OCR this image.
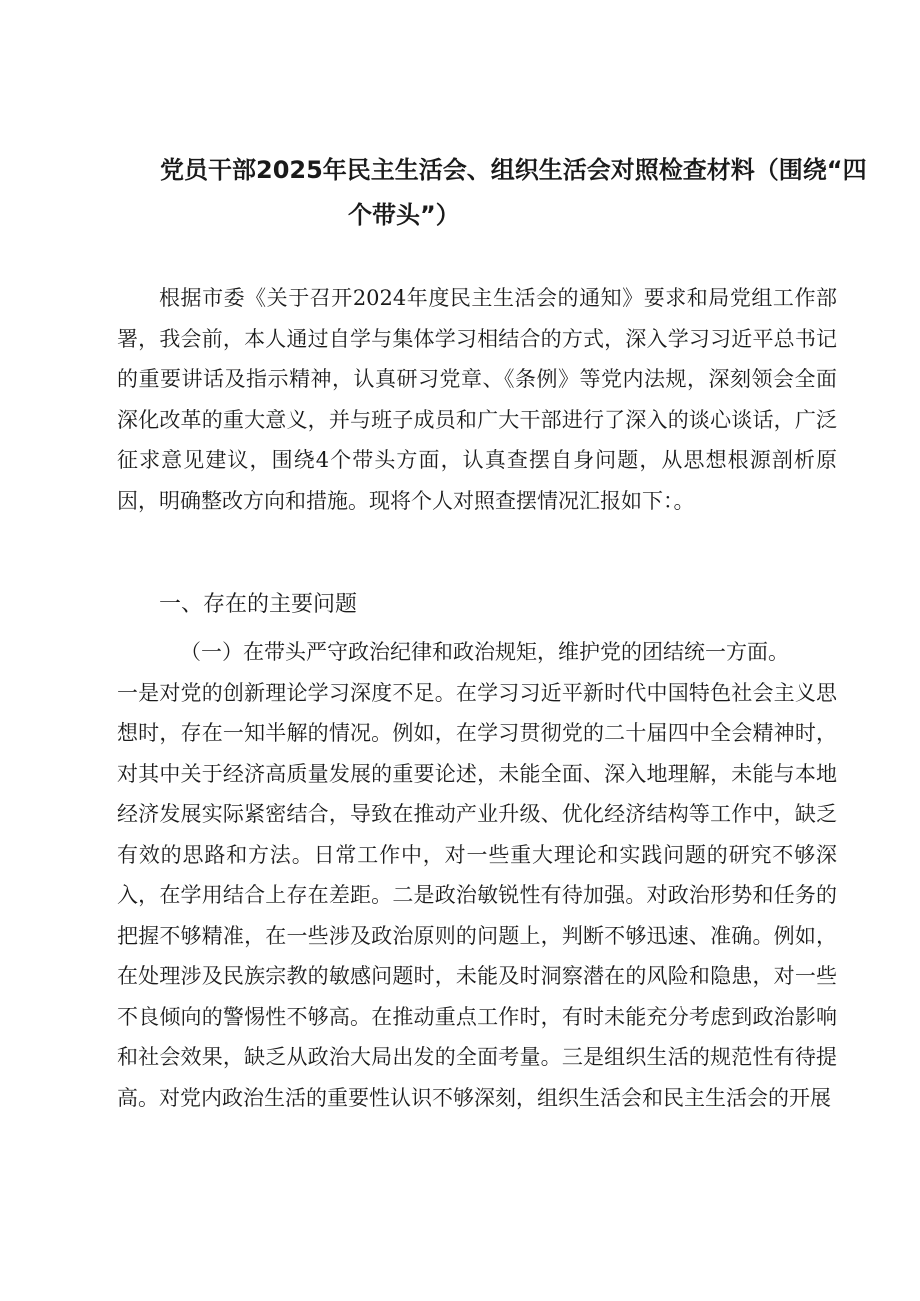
党员干部2025年民主生活会、组织生活会对照检查材料（围绕“四
个带头”）
根据市委《关于召开2024年度民主生活会的通知》要求和局党组工作部署，我会前，本人通过自学与集体学习相结合的方式，深入学习习近平总书记的重要讲话及指示精神，认真研习党章、《条例》等党内法规，深刻领会全面深化改革的重大意义，并与班子成员和广大干部进行了深入的谈心谈话，广泛征求意见建议，围绕4个带头方面，认真查摆自身问题，从思想根源剖析原因，明确整改方向和措施。现将个人对照查摆情况汇报如下：。
一、存在的主要问题
（一）在带头严守政治纪律和政治规矩，维护党的团结统一方面。
一是对党的创新理论学习深度不足。在学习习近平新时代中国特色社会主义思想时，存在一知半解的情况。例如，在学习贯彻党的二十届四中全会精神时，对其中关于经济高质量发展的重要论述，未能全面、深入地理解，未能与本地经济发展实际紧密结合，导致在推动产业升级、优化经济结构等工作中，缺乏有效的思路和方法。日常工作中，对一些重大理论和实践问题的研究不够深入，在学用结合上存在差距。二是政治敏锐性有待加强。对政治形势和任务的把握不够精准，在一些涉及政治原则的问题上，判断不够迅速、准确。例如，在处理涉及民族宗教的敏感问题时，未能及时洞察潜在的风险和隐患，对一些不良倾向的警惕性不够高。在推动重点工作时，有时未能充分考虑到政治影响和社会效果，缺乏从政治大局出发的全面考量。三是组织生活的规范性有待提高。对党内政治生活的重要性认识不够深刻，组织生活会和民主生活会的开展
